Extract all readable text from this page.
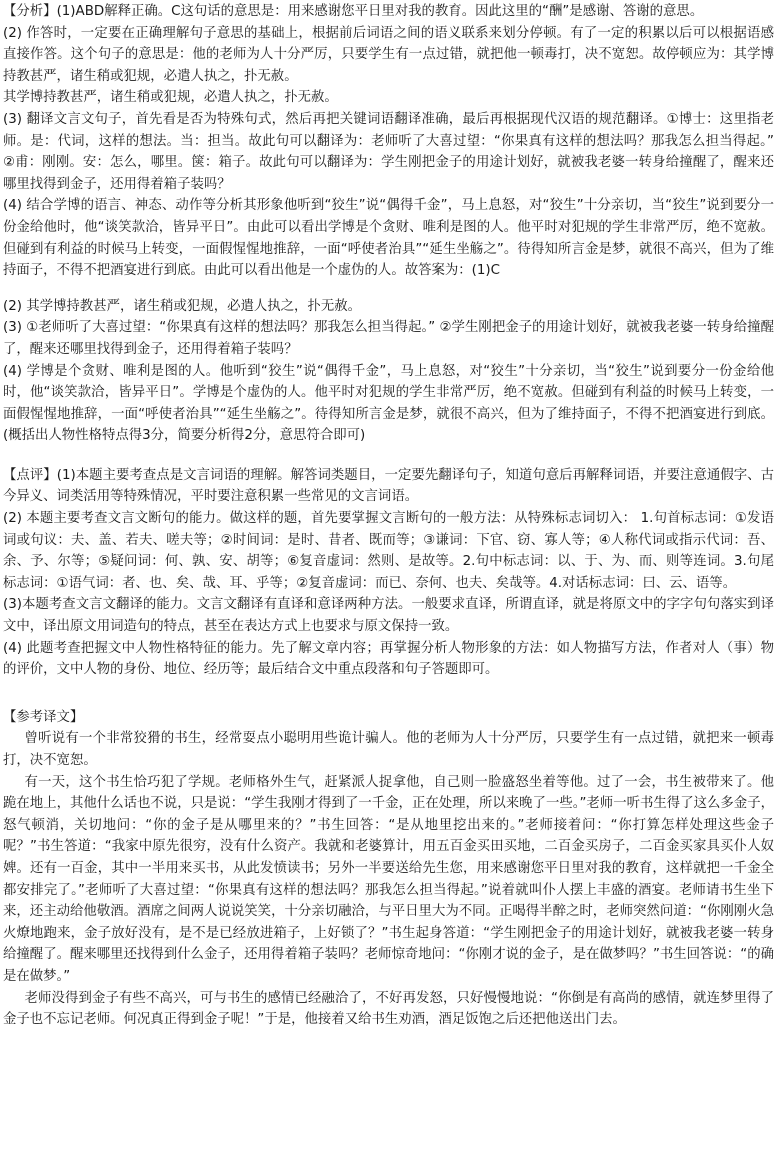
【分析】(1)ABD解释正确。C这句话的意思是：用来感谢您平日里对我的教育。因此这里的“酬”是感谢、答谢的意思。

(2) 作答时，一定要在正确理解句子意思的基础上，根据前后词语之间的语义联系来划分停顿。有了一定的积累以后可以根据语感直接作答。这个句子的意思是：他的老师为人十分严厉，只要学生有一点过错，就把他一顿毒打，决不宽恕。故停顿应为：其学博持教甚严，诸生稍或犯规，必遣人执之，扑无赦。

其学博持教甚严，诸生稍或犯规，必遣人执之，扑无赦。

(3) 翻译文言文句子，首先看是否为特殊句式，然后再把关键词语翻译准确，最后再根据现代汉语的规范翻译。①博士：这里指老师。是：代词，这样的想法。当：担当。故此句可以翻译为：老师听了大喜过望：“你果真有这样的想法吗？那我怎么担当得起。” ②甫：刚刚。安：怎么，哪里。箧：箱子。故此句可以翻译为：学生刚把金子的用途计划好，就被我老婆一转身给撞醒了，醒来还哪里找得到金子，还用得着箱子装吗？

(4) 结合学博的语言、神态、动作等分析其形象他听到“狡生”说“偶得千金”，马上息怒，对“狡生”十分亲切，当“狡生”说到要分一份金给他时，他“谈笑款洽，皆异平日”。由此可以看出学博是个贪财、唯利是图的人。他平时对犯规的学生非常严厉，绝不宽赦。但碰到有利益的时候马上转变，一面假惺惺地推辞，一面“呼使者治具”“延生坐觞之”。待得知所言金是梦，就很不高兴，但为了维持面子，不得不把酒宴进行到底。由此可以看出他是一个虚伪的人。故答案为：(1)C

(2) 其学博持教甚严，诸生稍或犯规，必遣人执之，扑无赦。

(3) ①老师听了大喜过望：“你果真有这样的想法吗？那我怎么担当得起。” ②学生刚把金子的用途计划好，就被我老婆一转身给撞醒了，醒来还哪里找得到金子，还用得着箱子装吗？

(4) 学博是个贪财、唯利是图的人。他听到“狡生”说“偶得千金”，马上息怒，对“狡生”十分亲切，当“狡生”说到要分一份金给他时，他“谈笑款洽，皆异平日”。学博是个虚伪的人。他平时对犯规的学生非常严厉，绝不宽赦。但碰到有利益的时候马上转变，一面假惺惺地推辞，一面“呼使者治具”“延生坐觞之”。待得知所言金是梦，就很不高兴，但为了维持面子，不得不把酒宴进行到底。(概括出人物性格特点得3分，简要分析得2分，意思符合即可)

【点评】(1)本题主要考查点是文言词语的理解。解答词类题目，一定要先翻译句子，知道句意后再解释词语，并要注意通假字、古今异义、词类活用等特殊情况，平时要注意积累一些常见的文言词语。

(2) 本题主要考查文言文断句的能力。做这样的题，首先要掌握文言断句的一般方法：从特殊标志词切入： 1.句首标志词：①发语词或句议：夫、盖、若夫、嗟夫等；②时间词：是时、昔者、既而等；③谦词：下官、窃、寡人等；④人称代词或指示代词：吾、余、予、尔等；⑤疑问词：何、孰、安、胡等；⑥复音虚词：然则、是故等。2.句中标志词：以、于、为、而、则等连词。3.句尾标志词：①语气词：者、也、矣、哉、耳、乎等；②复音虚词：而已、奈何、也夫、矣哉等。4.对话标志词：曰、云、语等。

(3)本题考查文言文翻译的能力。文言文翻译有直译和意译两种方法。一般要求直译，所谓直译，就是将原文中的字字句句落实到译文中，译出原文用词造句的特点，甚至在表达方式上也要求与原文保持一致。

(4) 此题考查把握文中人物性格特征的能力。先了解文章内容；再掌握分析人物形象的方法：如人物描写方法，作者对人（事）物的评价，文中人物的身份、地位、经历等；最后结合文中重点段落和句子答题即可。

【参考译文】

曾听说有一个非常狡猾的书生，经常耍点小聪明用些诡计骗人。他的老师为人十分严厉，只要学生有一点过错，就把来一顿毒打，决不宽恕。

有一天，这个书生恰巧犯了学规。老师格外生气，赶紧派人捉拿他，自己则一脸盛怒坐着等他。过了一会，书生被带来了。他跪在地上，其他什么话也不说，只是说：“学生我刚才得到了一千金，正在处理，所以来晚了一些。”老师一听书生得了这么多金子，怒气顿消，关切地问：“你的金子是从哪里来的？”书生回答：“是从地里挖出来的。”老师接着问：“你打算怎样处理这些金子呢？”书生答道：“我家中原先很穷，没有什么资产。我就和老婆算计，用五百金买田买地，二百金买房子，二百金买家具买仆人奴婢。还有一百金，其中一半用来买书，从此发愤读书；另外一半要送给先生您，用来感谢您平日里对我的教育，这样就把一千金全都安排完了。”老师听了大喜过望：“你果真有这样的想法吗？那我怎么担当得起。”说着就叫仆人摆上丰盛的酒宴。老师请书生坐下来，还主动给他敬酒。酒席之间两人说说笑笑，十分亲切融洽，与平日里大为不同。正喝得半醉之时，老师突然问道：“你刚刚火急火燎地跑来，金子放好没有，是不是已经放进箱子，上好锁了？”书生起身答道：“学生刚把金子的用途计划好，就被我老婆一转身给撞醒了。醒来哪里还找得到什么金子，还用得着箱子装吗？老师惊奇地问：“你刚才说的金子，是在做梦吗？”书生回答说：“的确是在做梦。”

老师没得到金子有些不高兴，可与书生的感情已经融洽了，不好再发怒，只好慢慢地说：“你倒是有高尚的感情，就连梦里得了金子也不忘记老师。何况真正得到金子呢！”于是，他接着又给书生劝酒，酒足饭饱之后还把他送出门去。
